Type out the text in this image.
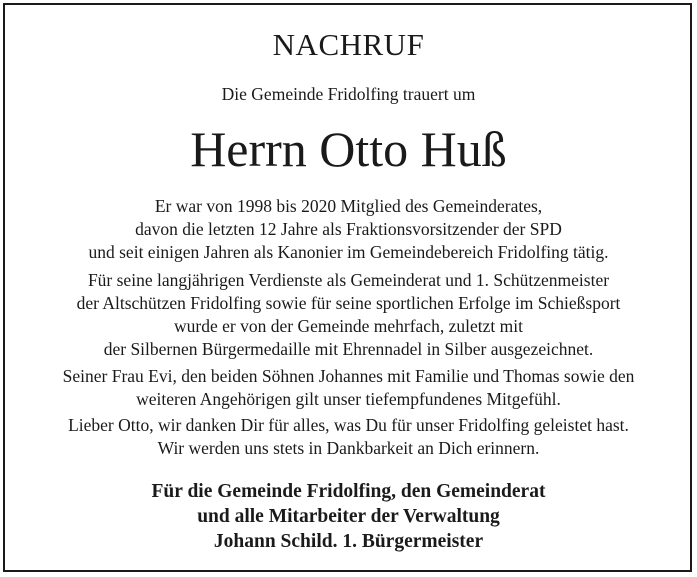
NACHRUF
Die Gemeinde Fridolfing trauert um
Herrn Otto Huß
Er war von 1998 bis 2020 Mitglied des Gemeinderates,
davon die letzten 12 Jahre als Fraktionsvorsitzender der SPD
und seit einigen Jahren als Kanonier im Gemeindebereich Fridolfing tätig.
Für seine langjährigen Verdienste als Gemeinderat und 1. Schützenmeister
der Altschützen Fridolfing sowie für seine sportlichen Erfolge im Schießsport
wurde er von der Gemeinde mehrfach, zuletzt mit
der Silbernen Bürgermedaille mit Ehrennadel in Silber ausgezeichnet.
Seiner Frau Evi, den beiden Söhnen Johannes mit Familie und Thomas sowie den
weiteren Angehörigen gilt unser tiefempfundenes Mitgefühl.
Lieber Otto, wir danken Dir für alles, was Du für unser Fridolfing geleistet hast.
Wir werden uns stets in Dankbarkeit an Dich erinnern.
Für die Gemeinde Fridolfing, den Gemeinderat
und alle Mitarbeiter der Verwaltung
Johann Schild. 1. Bürgermeister
